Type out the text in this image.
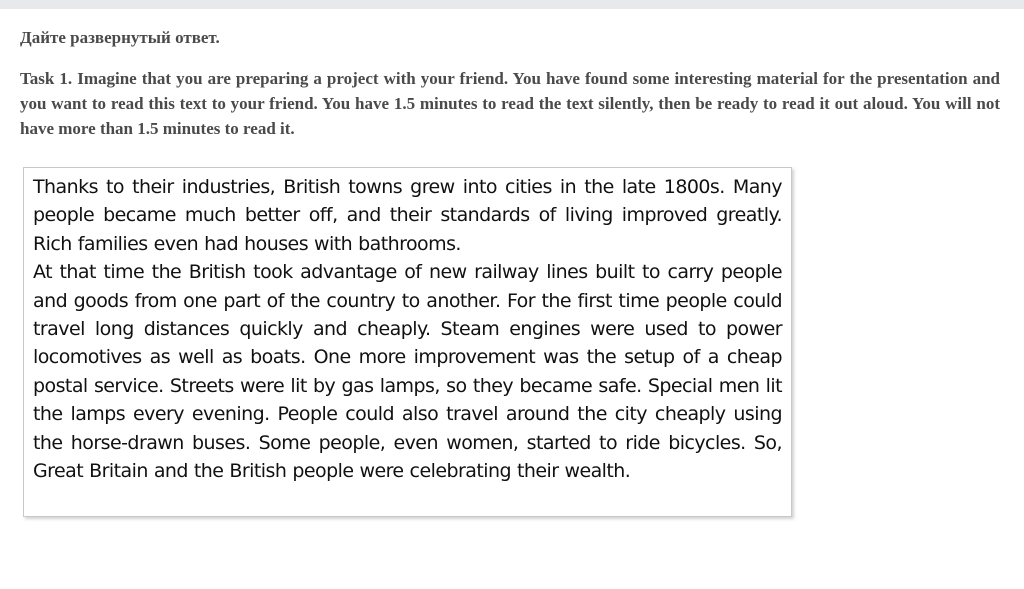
Дайте развернутый ответ.

Task 1. Imagine that you are preparing a project with your friend. You have found some interesting material for the presentation and you want to read this text to your friend. You have 1.5 minutes to read the text silently, then be ready to read it out aloud. You will not have more than 1.5 minutes to read it.

Thanks to their industries, British towns grew into cities in the late 1800s. Many people became much better off, and their standards of living improved greatly. Rich families even had houses with bathrooms.

At that time the British took advantage of new railway lines built to carry people and goods from one part of the country to another. For the first time people could travel long distances quickly and cheaply. Steam engines were used to power locomotives as well as boats. One more improvement was the setup of a cheap postal service. Streets were lit by gas lamps, so they became safe. Special men lit the lamps every evening. People could also travel around the city cheaply using the horse-drawn buses. Some people, even women, started to ride bicycles. So, Great Britain and the British people were celebrating their wealth.
